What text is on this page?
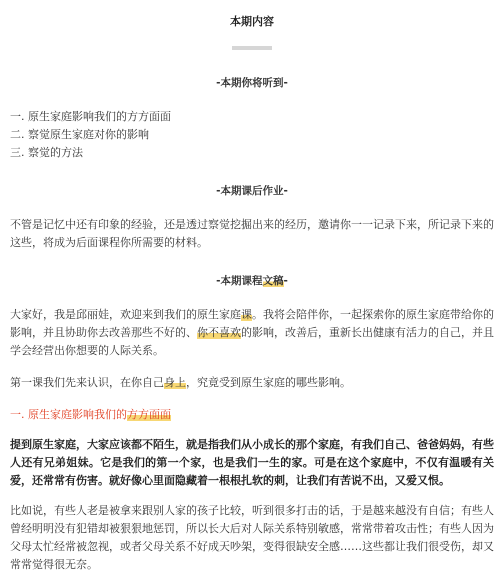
本期内容
-本期你将听到-
一. 原生家庭影响我们的方方面面
二. 察觉原生家庭对你的影响
三. 察觉的方法
-本期课后作业-

不管是记忆中还有印象的经验，还是透过察觉挖掘出来的经历，邀请你一一记录下来，所记录下来的这些，将成为后面课程你所需要的材料。

-本期课程文稿-

大家好，我是邱丽娃，欢迎来到我们的原生家庭课。我将会陪伴你，一起探索你的原生家庭带给你的影响，并且协助你去改善那些不好的、你不喜欢的影响，改善后，重新长出健康有活力的自己，并且学会经营出你想要的人际关系。

第一课我们先来认识，在你自己身上，究竟受到原生家庭的哪些影响。

一. 原生家庭影响我们的方方面面

提到原生家庭，大家应该都不陌生，就是指我们从小成长的那个家庭，有我们自己、爸爸妈妈，有些人还有兄弟姐妹。它是我们的第一个家，也是我们一生的家。可是在这个家庭中，不仅有温暖有关爱，还常常有伤害。就好像心里面隐藏着一根根扎软的刺，让我们有苦说不出，又爱又恨。

比如说，有些人老是被拿来跟别人家的孩子比较，听到很多打击的话，于是越来越没有自信；有些人曾经明明没有犯错却被狠狠地惩罚，所以长大后对人际关系特别敏感，常常带着攻击性；有些人因为父母太忙经常被忽视，或者父母关系不好成天吵架，变得很缺安全感……这些都让我们很受伤，却又常常觉得很无奈。
